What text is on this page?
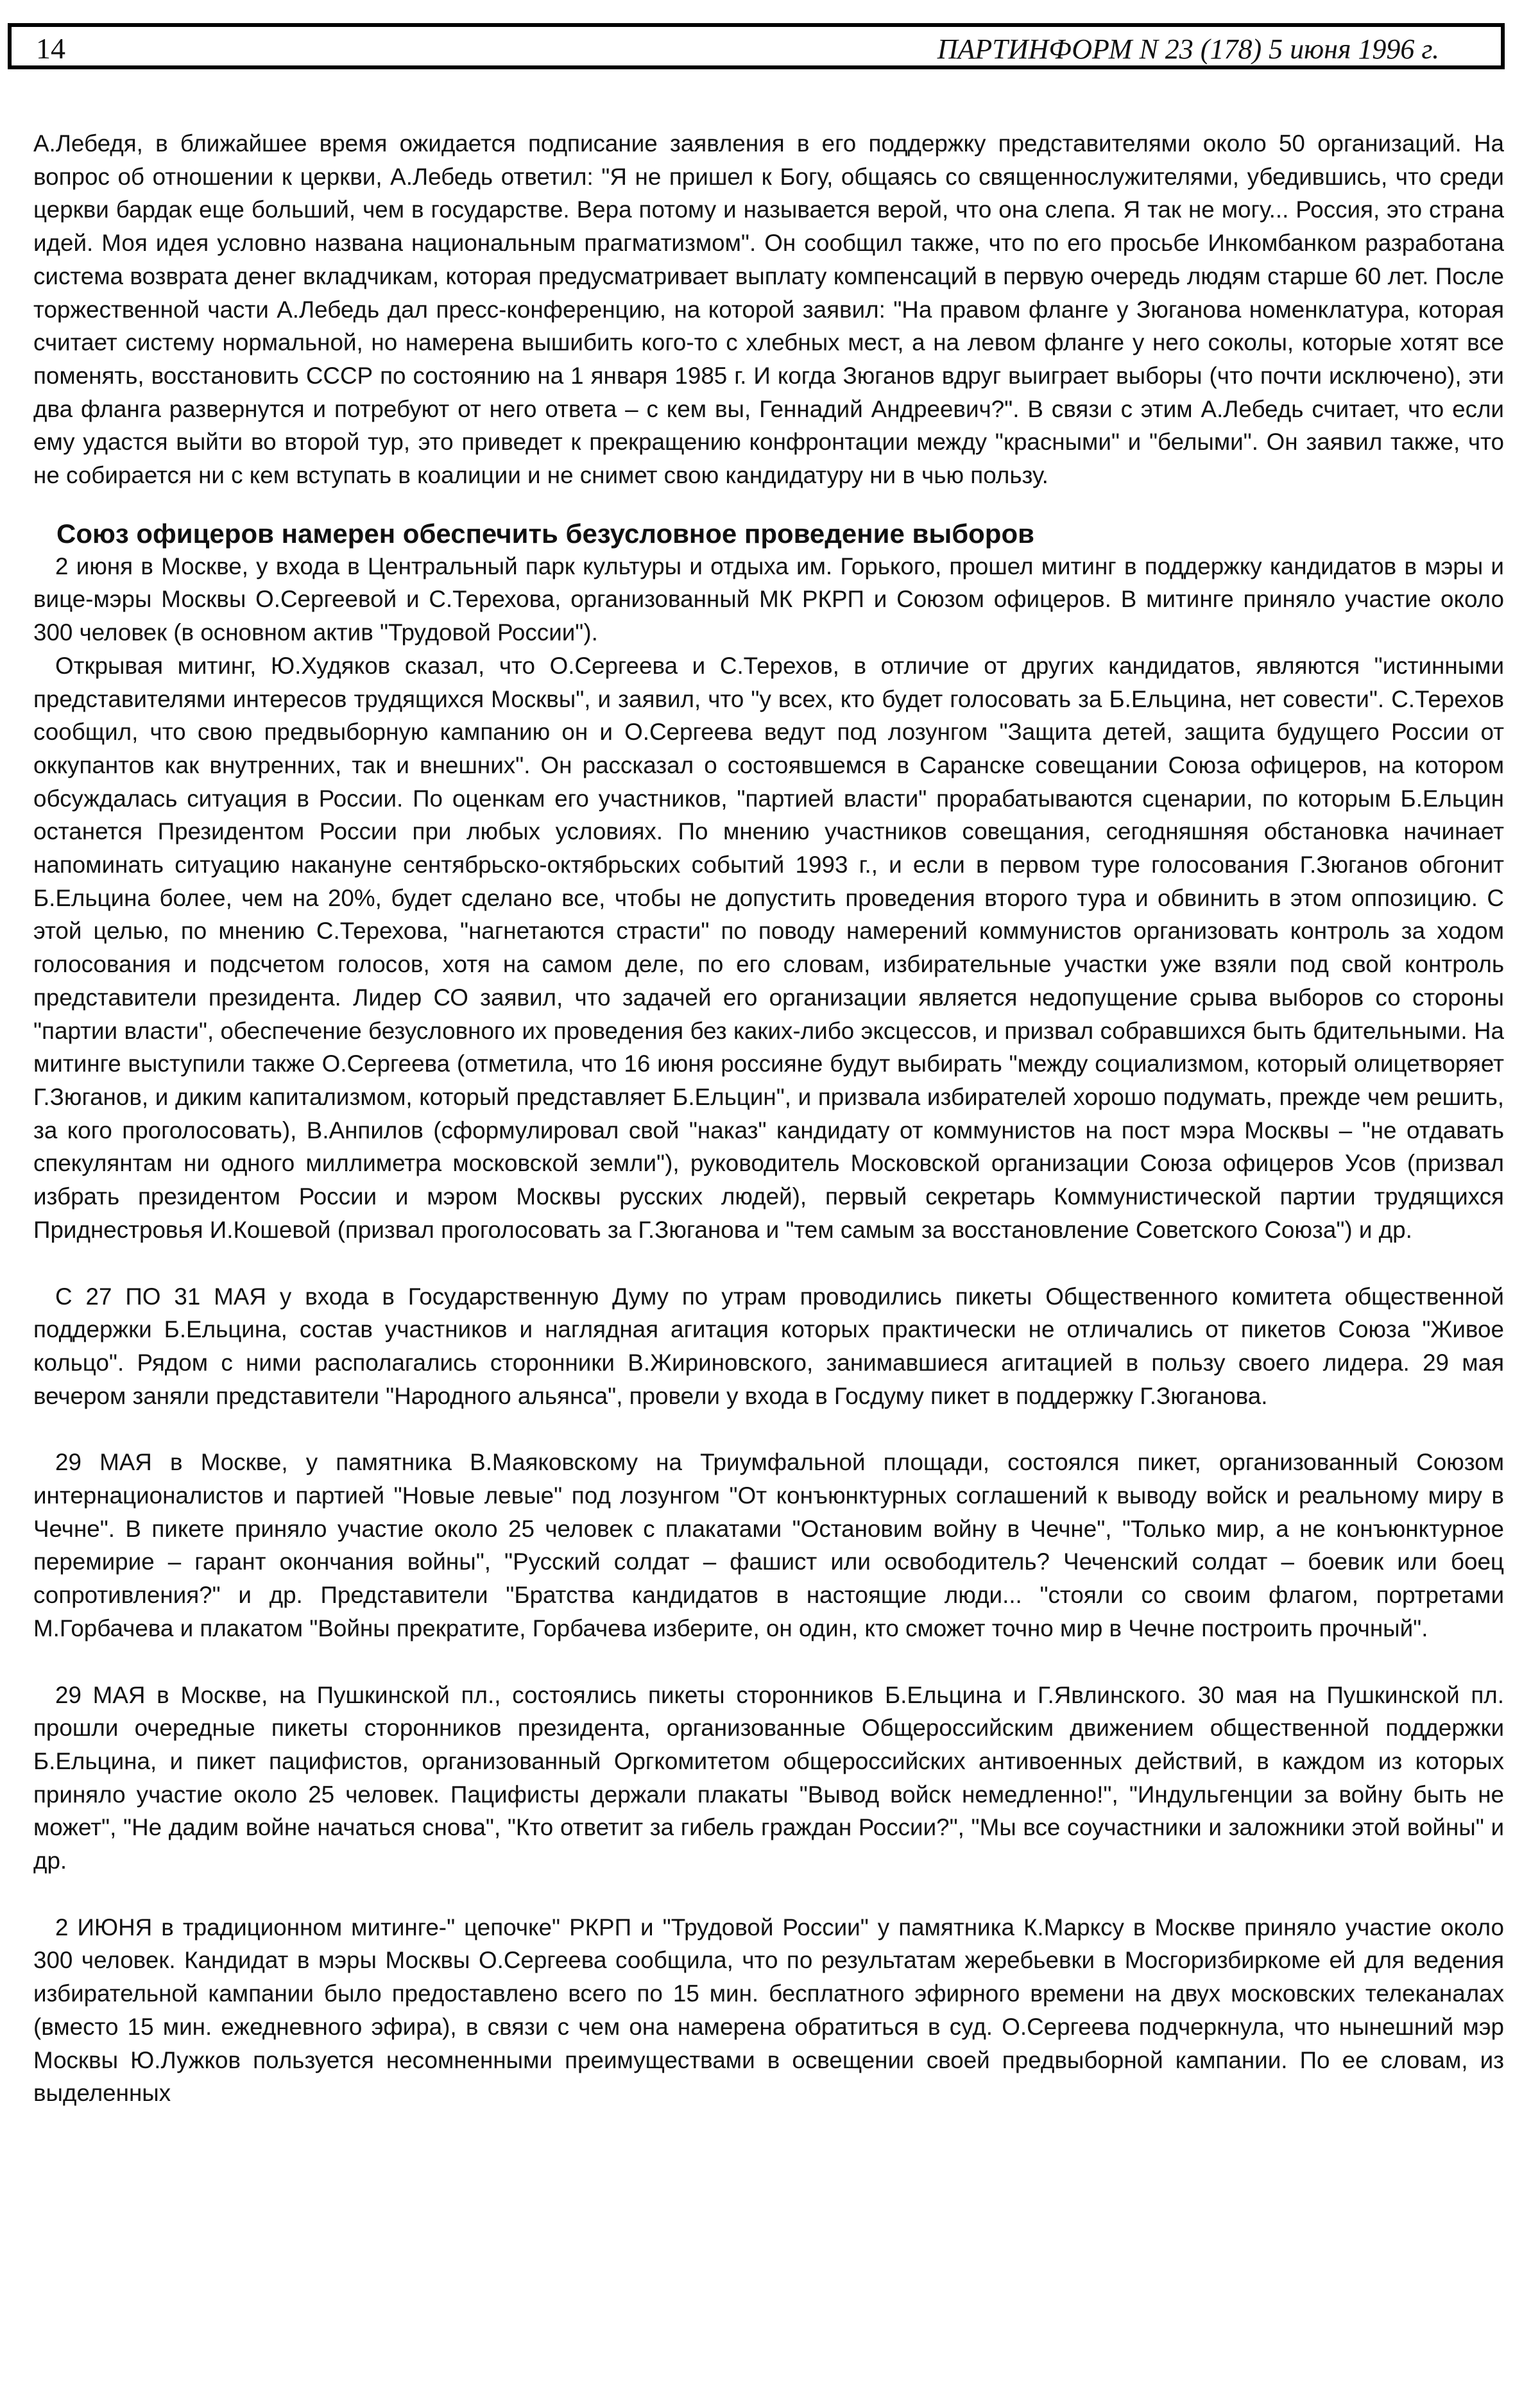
14	ПАРТИНФОРМ N 23 (178) 5 июня 1996 г.

А.Лебедя, в ближайшее время ожидается подписание заявления в его поддержку представителями около 50 организаций. На вопрос об отношении к церкви, А.Лебедь ответил: "Я не пришел к Богу, общаясь со священнослужителями, убедившись, что среди церкви бардак еще больший, чем в государстве. Вера потому и называется верой, что она слепа. Я так не могу... Россия, это страна идей. Моя идея условно названа национальным прагматизмом". Он сообщил также, что по его просьбе Инкомбанком разработана система возврата денег вкладчикам, которая предусматривает выплату компенсаций в первую очередь людям старше 60 лет. После торжественной части А.Лебедь дал пресс-конференцию, на которой заявил: "На правом фланге у Зюганова номенклатура, которая считает систему нормальной, но намерена вышибить кого-то с хлебных мест, а на левом фланге у него соколы, которые хотят все поменять, восстановить СССР по состоянию на 1 января 1985 г. И когда Зюганов вдруг выиграет выборы (что почти исключено), эти два фланга развернутся и потребуют от него ответа – с кем вы, Геннадий Андреевич?". В связи с этим А.Лебедь считает, что если ему удастся выйти во второй тур, это приведет к прекращению конфронтации между "красными" и "белыми". Он заявил также, что не собирается ни с кем вступать в коалиции и не снимет свою кандидатуру ни в чью пользу.

Союз офицеров намерен обеспечить безусловное проведение выборов

2 июня в Москве, у входа в Центральный парк культуры и отдыха им. Горького, прошел митинг в поддержку кандидатов в мэры и вице-мэры Москвы О.Сергеевой и С.Терехова, организованный МК РКРП и Союзом офицеров. В митинге приняло участие около 300 человек (в основном актив "Трудовой России").

Открывая митинг, Ю.Худяков сказал, что О.Сергеева и С.Терехов, в отличие от других кандидатов, являются "истинными представителями интересов трудящихся Москвы", и заявил, что "у всех, кто будет голосовать за Б.Ельцина, нет совести". С.Терехов сообщил, что свою предвыборную кампанию он и О.Сергеева ведут под лозунгом "Защита детей, защита будущего России от оккупантов как внутренних, так и внешних". Он рассказал о состоявшемся в Саранске совещании Союза офицеров, на котором обсуждалась ситуация в России. По оценкам его участников, "партией власти" прорабатываются сценарии, по которым Б.Ельцин останется Президентом России при любых условиях. По мнению участников совещания, сегодняшняя обстановка начинает напоминать ситуацию накануне сентябрьско-октябрьских событий 1993 г., и если в первом туре голосования Г.Зюганов обгонит Б.Ельцина более, чем на 20%, будет сделано все, чтобы не допустить проведения второго тура и обвинить в этом оппозицию. С этой целью, по мнению С.Терехова, "нагнетаются страсти" по поводу намерений коммунистов организовать контроль за ходом голосования и подсчетом голосов, хотя на самом деле, по его словам, избирательные участки уже взяли под свой контроль представители президента. Лидер СО заявил, что задачей его организации является недопущение срыва выборов со стороны "партии власти", обеспечение безусловного их проведения без каких-либо эксцессов, и призвал собравшихся быть бдительными. На митинге выступили также О.Сергеева (отметила, что 16 июня россияне будут выбирать "между социализмом, который олицетворяет Г.Зюганов, и диким капитализмом, который представляет Б.Ельцин", и призвала избирателей хорошо подумать, прежде чем решить, за кого проголосовать), В.Анпилов (сформулировал свой "наказ" кандидату от коммунистов на пост мэра Москвы – "не отдавать спекулянтам ни одного миллиметра московской земли"), руководитель Московской организации Союза офицеров Усов (призвал избрать президентом России и мэром Москвы русских людей), первый секретарь Коммунистической партии трудящихся Приднестровья И.Кошевой (призвал проголосовать за Г.Зюганова и "тем самым за восстановление Советского Союза") и др.

С 27 ПО 31 МАЯ у входа в Государственную Думу по утрам проводились пикеты Общественного комитета общественной поддержки Б.Ельцина, состав участников и наглядная агитация которых практически не отличались от пикетов Союза "Живое кольцо". Рядом с ними располагались сторонники В.Жириновского, занимавшиеся агитацией в пользу своего лидера. 29 мая вечером заняли представители "Народного альянса", провели у входа в Госдуму пикет в поддержку Г.Зюганова.

29 МАЯ в Москве, у памятника В.Маяковскому на Триумфальной площади, состоялся пикет, организованный Союзом интернационалистов и партией "Новые левые" под лозунгом "От конъюнктурных соглашений к выводу войск и реальному миру в Чечне". В пикете приняло участие около 25 человек с плакатами "Остановим войну в Чечне", "Только мир, а не конъюнктурное перемирие – гарант окончания войны", "Русский солдат – фашист или освободитель? Чеченский солдат – боевик или боец сопротивления?" и др. Представители "Братства кандидатов в настоящие люди... "стояли со своим флагом, портретами М.Горбачева и плакатом "Войны прекратите, Горбачева изберите, он один, кто сможет точно мир в Чечне построить прочный".

29 МАЯ в Москве, на Пушкинской пл., состоялись пикеты сторонников Б.Ельцина и Г.Явлинского. 30 мая на Пушкинской пл. прошли очередные пикеты сторонников президента, организованные Общероссийским движением общественной поддержки Б.Ельцина, и пикет пацифистов, организованный Оргкомитетом общероссийских антивоенных действий, в каждом из которых приняло участие около 25 человек. Пацифисты держали плакаты "Вывод войск немедленно!", "Индульгенции за войну быть не может", "Не дадим войне начаться снова", "Кто ответит за гибель граждан России?", "Мы все соучастники и заложники этой войны" и др.

2 ИЮНЯ в традиционном митинге-" цепочке" РКРП и "Трудовой России" у памятника К.Марксу в Москве приняло участие около 300 человек. Кандидат в мэры Москвы О.Сергеева сообщила, что по результатам жеребьевки в Мосгоризбиркоме ей для ведения избирательной кампании было предоставлено всего по 15 мин. бесплатного эфирного времени на двух московских телеканалах (вместо 15 мин. ежедневного эфира), в связи с чем она намерена обратиться в суд. О.Сергеева подчеркнула, что нынешний мэр Москвы Ю.Лужков пользуется несомненными преимуществами в освещении своей предвыборной кампании. По ее словам, из выделенных
